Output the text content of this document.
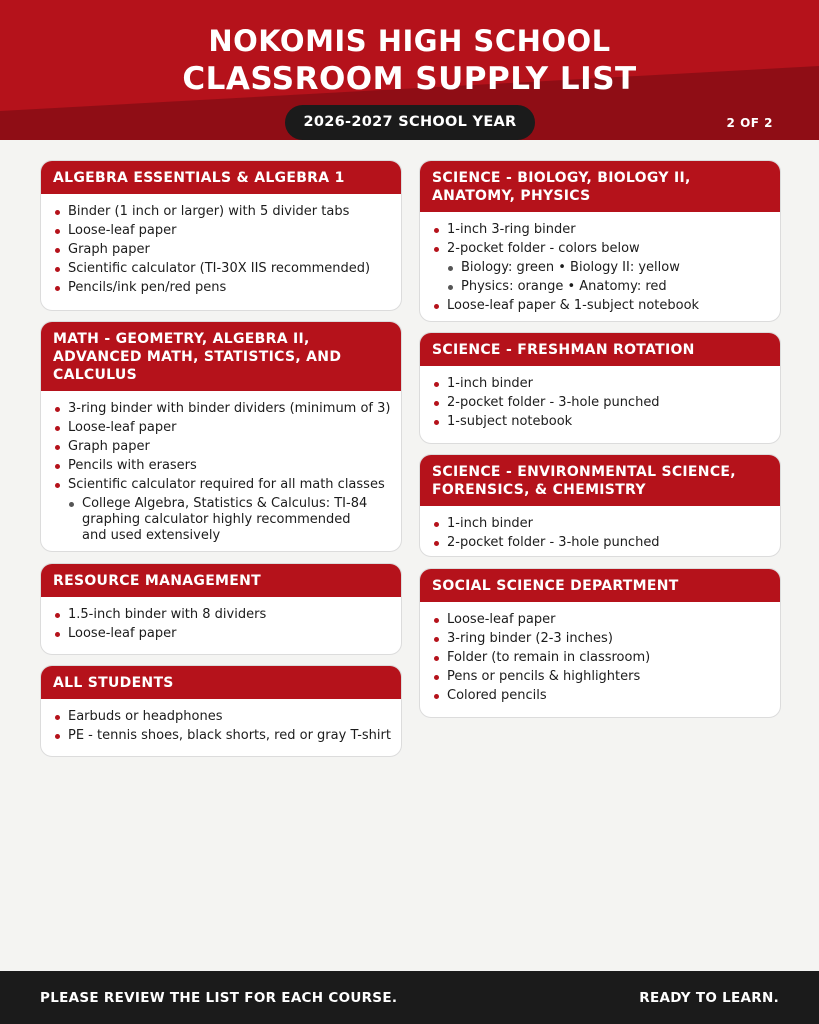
NOKOMIS HIGH SCHOOL
CLASSROOM SUPPLY LIST
2026-2027 SCHOOL YEAR	2 OF 2
ALGEBRA ESSENTIALS & ALGEBRA 1
Binder (1 inch or larger) with 5 divider tabs
Loose-leaf paper
Graph paper
Scientific calculator (TI-30X IIS recommended)
Pencils/ink pen/red pens
MATH - GEOMETRY, ALGEBRA II, ADVANCED MATH, STATISTICS, AND CALCULUS
3-ring binder with binder dividers (minimum of 3)
Loose-leaf paper
Graph paper
Pencils with erasers
Scientific calculator required for all math classes
College Algebra, Statistics & Calculus: TI-84 graphing calculator highly recommended and used extensively
RESOURCE MANAGEMENT
1.5-inch binder with 8 dividers
Loose-leaf paper
ALL STUDENTS
Earbuds or headphones
PE - tennis shoes, black shorts, red or gray T-shirt
SCIENCE - BIOLOGY, BIOLOGY II, ANATOMY, PHYSICS
1-inch 3-ring binder
2-pocket folder - colors below
Biology: green • Biology II: yellow
Physics: orange • Anatomy: red
Loose-leaf paper & 1-subject notebook
SCIENCE - FRESHMAN ROTATION
1-inch binder
2-pocket folder - 3-hole punched
1-subject notebook
SCIENCE - ENVIRONMENTAL SCIENCE, FORENSICS, & CHEMISTRY
1-inch binder
2-pocket folder - 3-hole punched
SOCIAL SCIENCE DEPARTMENT
Loose-leaf paper
3-ring binder (2-3 inches)
Folder (to remain in classroom)
Pens or pencils & highlighters
Colored pencils
PLEASE REVIEW THE LIST FOR EACH COURSE.	READY TO LEARN.
